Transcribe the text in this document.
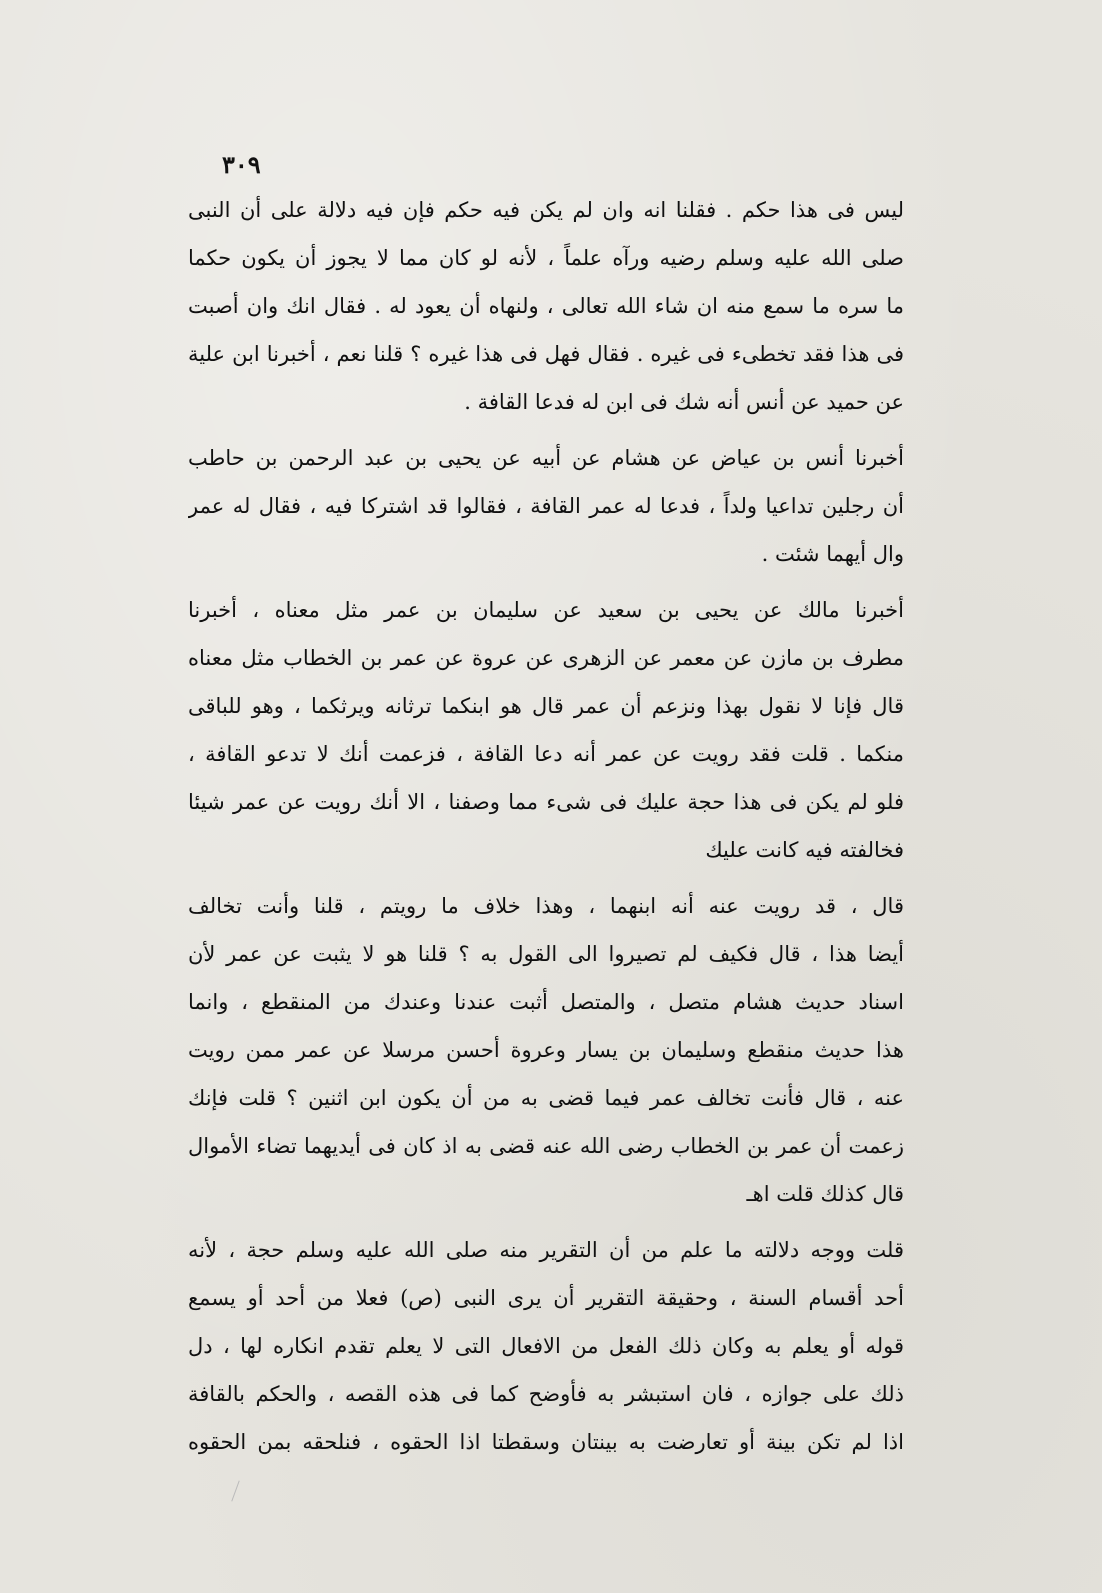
٣٠٩
ليس فى هذا حكم . فقلنا انه وان لم يكن فيه حكم فإن فيه دلالة على أن النبى
صلى الله عليه وسلم رضيه ورآه علماً ، لأنه لو كان مما لا يجوز أن يكون حكما
ما سره ما سمع منه ان شاء الله تعالى ، ولنهاه أن يعود له . فقال انك وان أصبت
فى هذا فقد تخطىء فى غيره . فقال فهل فى هذا غيره ؟ قلنا نعم ، أخبرنا ابن علية
عن حميد عن أنس أنه شك فى ابن له فدعا القافة .
أخبرنا أنس بن عياض عن هشام عن أبيه عن يحيى بن عبد الرحمن بن حاطب
أن رجلين تداعيا ولداً ، فدعا له عمر القافة ، فقالوا قد اشتركا فيه ، فقال له عمر
وال أيهما شئت .
أخبرنا مالك عن يحيى بن سعيد عن سليمان بن عمر مثل معناه ، أخبرنا
مطرف بن مازن عن معمر عن الزهرى عن عروة عن عمر بن الخطاب مثل معناه
قال فإنا لا نقول بهذا ونزعم أن عمر قال هو ابنكما ترثانه ويرثكما ، وهو للباقى
منكما . قلت فقد رويت عن عمر أنه دعا القافة ، فزعمت أنك لا تدعو القافة ،
فلو لم يكن فى هذا حجة عليك فى شىء مما وصفنا ، الا أنك رويت عن عمر شيئا
فخالفته فيه كانت عليك
قال ، قد رويت عنه أنه ابنهما ، وهذا خلاف ما رويتم ، قلنا وأنت تخالف
أيضا هذا ، قال فكيف لم تصيروا الى القول به ؟ قلنا هو لا يثبت عن عمر لأن
اسناد حديث هشام متصل ، والمتصل أثبت عندنا وعندك من المنقطع ، وانما
هذا حديث منقطع وسليمان بن يسار وعروة أحسن مرسلا عن عمر ممن رويت
عنه ، قال فأنت تخالف عمر فيما قضى به من أن يكون ابن اثنين ؟ قلت فإنك
زعمت أن عمر بن الخطاب رضى الله عنه قضى به اذ كان فى أيديهما تضاء الأموال
قال كذلك قلت اهـ
قلت ووجه دلالته ما علم من أن التقرير منه صلى الله عليه وسلم حجة ، لأنه
أحد أقسام السنة ، وحقيقة التقرير أن يرى النبى (ص) فعلا من أحد أو يسمع
قوله أو يعلم به وكان ذلك الفعل من الافعال التى لا يعلم تقدم انكاره لها ، دل
ذلك على جوازه ، فان استبشر به فأوضح كما فى هذه القصه ، والحكم بالقافة
اذا لم تكن بينة أو تعارضت به بينتان وسقطتا اذا الحقوه ، فنلحقه بمن الحقوه
